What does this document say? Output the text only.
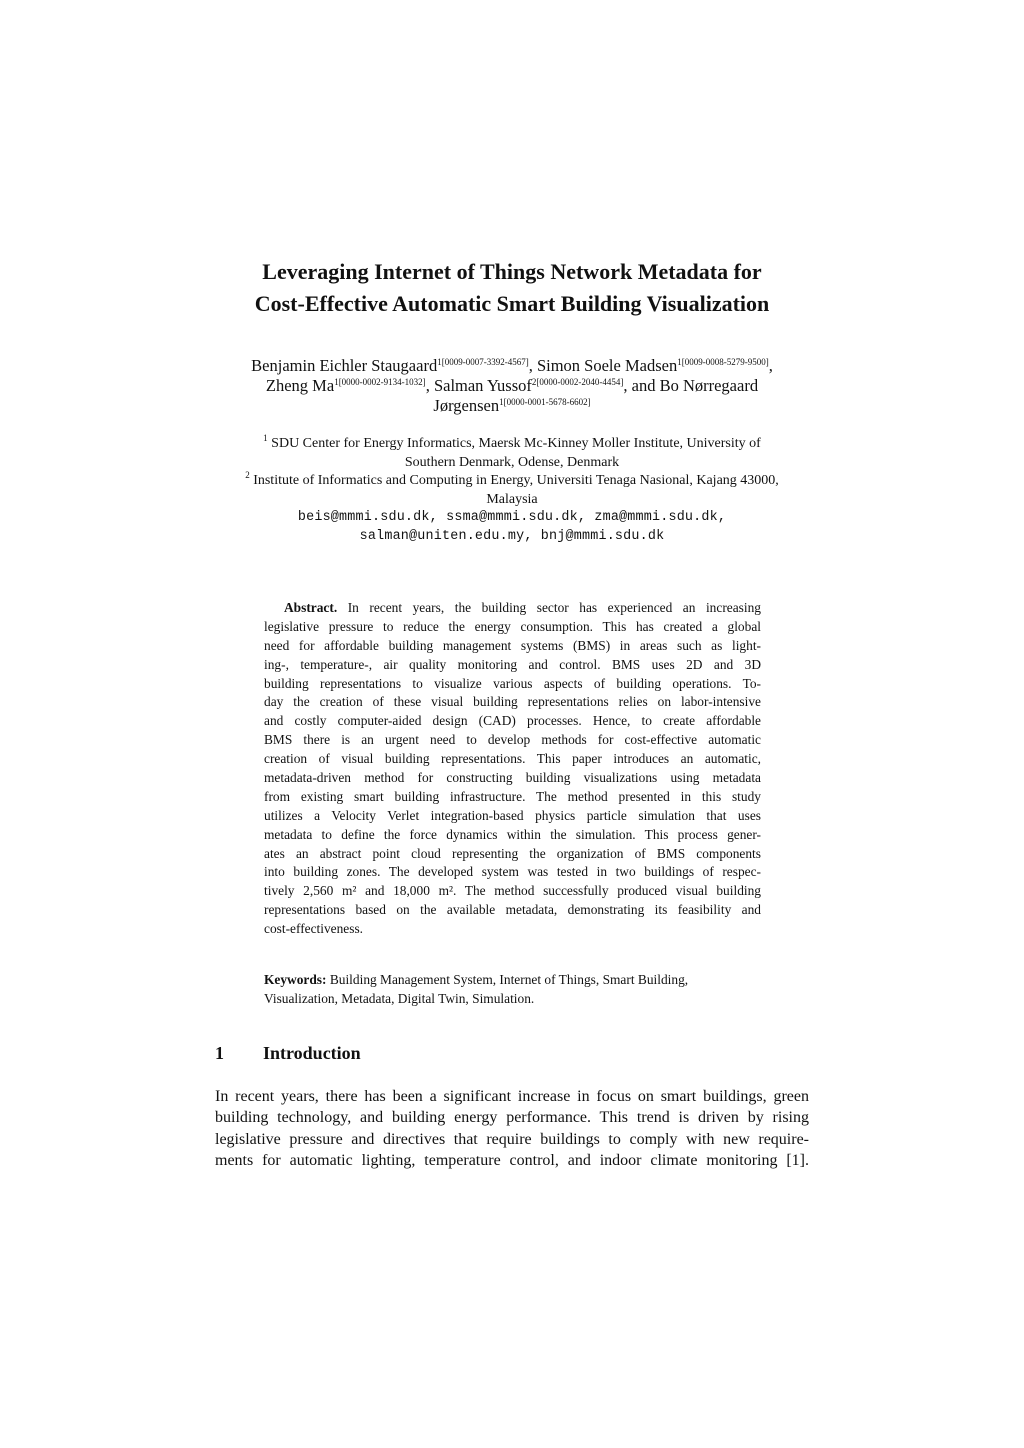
Leveraging Internet of Things Network Metadata for
Cost-Effective Automatic Smart Building Visualization
Benjamin Eichler Staugaard$^{1[0009-0007-3392-4567]}$, Simon Soele Madsen$^{1[0009-0008-5279-9500]}$,
Zheng $Ma^{1[0000-0002-9134-1032]}$, Salman Yussof$^{2[0000-0002-2040-4454]}$, and Bo Nørregaard
Jørgensen$^{1[0000-0001-5678-6602]}$
$^1$ SDU Center for Energy Informatics, Maersk Mc-Kinney Moller Institute, University of
Southern Denmark, Odense, Denmark
$^2$ Institute of Informatics and Computing in Energy, Universiti Tenaga Nasional, Kajang 43000,
Malaysia
beis@mmmi.sdu.dk, ssma@mmmi.sdu.dk, zma@mmmi.sdu.dk,
salman@uniten.edu.my, bnj@mmmi.sdu.dk
Abstract. In recent years, the building sector has experienced an increasing
legislative pressure to reduce the energy consumption. This has created a global
need for affordable building management systems (BMS) in areas such as light-
ing-, temperature-, air quality monitoring and control. BMS uses 2D and 3D
building representations to visualize various aspects of building operations. To-
day the creation of these visual building representations relies on labor-intensive
and costly computer-aided design (CAD) processes. Hence, to create affordable
BMS there is an urgent need to develop methods for cost-effective automatic
creation of visual building representations. This paper introduces an automatic,
metadata-driven method for constructing building visualizations using metadata
from existing smart building infrastructure. The method presented in this study
utilizes a Velocity Verlet integration-based physics particle simulation that uses
metadata to define the force dynamics within the simulation. This process gener-
ates an abstract point cloud representing the organization of BMS components
into building zones. The developed system was tested in two buildings of respec-
tively 2,560 m² and 18,000 m². The method successfully produced visual building
representations based on the available metadata, demonstrating its feasibility and
cost-effectiveness.
Keywords: Building Management System, Internet of Things, Smart Building,
Visualization, Metadata, Digital Twin, Simulation.
1 Introduction
In recent years, there has been a significant increase in focus on smart buildings, green
building technology, and building energy performance. This trend is driven by rising
legislative pressure and directives that require buildings to comply with new require-
ments for automatic lighting, temperature control, and indoor climate monitoring [1].
